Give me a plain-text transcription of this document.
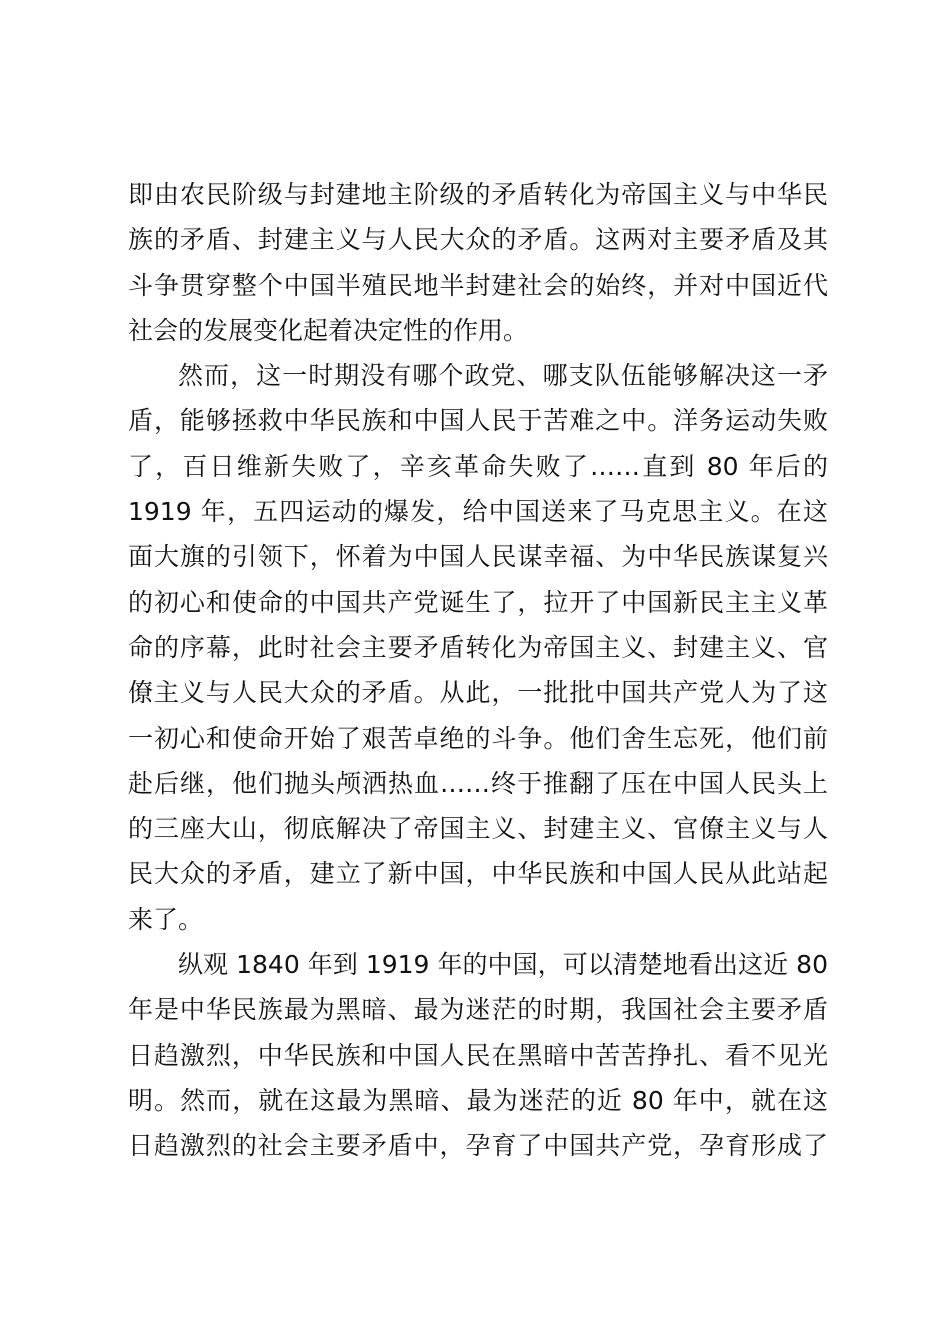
即由农民阶级与封建地主阶级的矛盾转化为帝国主义与中华民
族的矛盾、封建主义与人民大众的矛盾。这两对主要矛盾及其
斗争贯穿整个中国半殖民地半封建社会的始终，并对中国近代
社会的发展变化起着决定性的作用。
然而，这一时期没有哪个政党、哪支队伍能够解决这一矛
盾，能够拯救中华民族和中国人民于苦难之中。洋务运动失败
了，百日维新失败了，辛亥革命失败了……直到 80 年后的
1919 年，五四运动的爆发，给中国送来了马克思主义。在这
面大旗的引领下，怀着为中国人民谋幸福、为中华民族谋复兴
的初心和使命的中国共产党诞生了，拉开了中国新民主主义革
命的序幕，此时社会主要矛盾转化为帝国主义、封建主义、官
僚主义与人民大众的矛盾。从此，一批批中国共产党人为了这
一初心和使命开始了艰苦卓绝的斗争。他们舍生忘死，他们前
赴后继，他们抛头颅洒热血……终于推翻了压在中国人民头上
的三座大山，彻底解决了帝国主义、封建主义、官僚主义与人
民大众的矛盾，建立了新中国，中华民族和中国人民从此站起
来了。
纵观 1840 年到 1919 年的中国，可以清楚地看出这近 80
年是中华民族最为黑暗、最为迷茫的时期，我国社会主要矛盾
日趋激烈，中华民族和中国人民在黑暗中苦苦挣扎、看不见光
明。然而，就在这最为黑暗、最为迷茫的近 80 年中，就在这
日趋激烈的社会主要矛盾中，孕育了中国共产党，孕育形成了
